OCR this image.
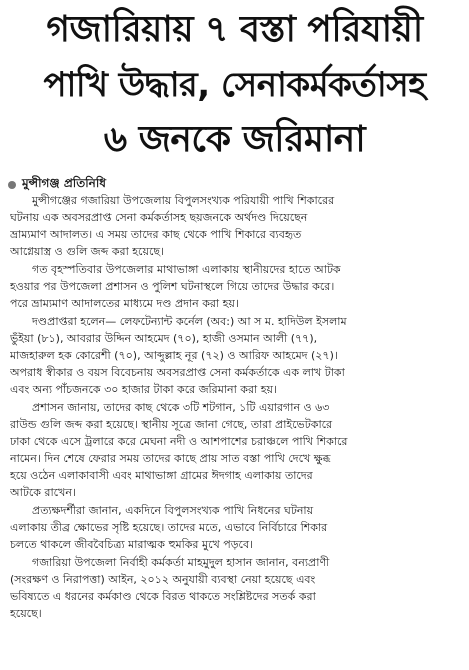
গজারিয়ায় ৭ বস্তা পরিযায়ী
পাখি উদ্ধার, সেনাকর্মকর্তাসহ
৬ জনকে জরিমানা
মুন্সীগঞ্জ প্রতিনিধি
মুন্সীগঞ্জের গজারিয়া উপজেলায় বিপুলসংখ্যক পরিযায়ী পাখি শিকারের
ঘটনায় এক অবসরপ্রাপ্ত সেনা কর্মকর্তাসহ ছয়জনকে অর্থদণ্ড দিয়েছেন
ভ্রাম্যমাণ আদালত। এ সময় তাদের কাছ থেকে পাখি শিকারে ব্যবহৃত
আগ্নেয়াস্ত্র ও গুলি জব্দ করা হয়েছে।
গত বৃহস্পতিবার উপজেলার মাথাভাঙ্গা এলাকায় স্থানীয়দের হাতে আটক
হওয়ার পর উপজেলা প্রশাসন ও পুলিশ ঘটনাস্থলে গিয়ে তাদের উদ্ধার করে।
পরে ভ্রাম্যমাণ আদালতের মাধ্যমে দণ্ড প্রদান করা হয়।
দণ্ডপ্রাপ্তরা হলেন— লেফটেন্যান্ট কর্নেল (অব:) আ স ম. হাদিউল ইসলাম
ভুঁইয়া (৮১), আবরার উদ্দিন আহমেদ (৭০), হাজী ওসমান আলী (৭৭),
মাজহারুল হক কোরেশী (৭০), আব্দুল্লাহ নূর (৭২) ও আরিফ আহমেদ (২৭)।
অপরাধ স্বীকার ও বয়স বিবেচনায় অবসরপ্রাপ্ত সেনা কর্মকর্তাকে এক লাখ টাকা
এবং অন্য পাঁচজনকে ৩০ হাজার টাকা করে জরিমানা করা হয়।
প্রশাসন জানায়, তাদের কাছ থেকে ৩টি শটগান, ১টি এয়ারগান ও ৬৩
রাউন্ড গুলি জব্দ করা হয়েছে। স্থানীয় সূত্রে জানা গেছে, তারা প্রাইভেটকারে
ঢাকা থেকে এসে ট্রলারে করে মেঘনা নদী ও আশপাশের চরাঞ্চলে পাখি শিকারে
নামেন। দিন শেষে ফেরার সময় তাদের কাছে প্রায় সাত বস্তা পাখি দেখে ক্ষুব্ধ
হয়ে ওঠেন এলাকাবাসী এবং মাথাভাঙ্গা গ্রামের ঈদগাহ এলাকায় তাদের
আটকে রাখেন।
প্রত্যক্ষদর্শীরা জানান, একদিনে বিপুলসংখ্যক পাখি নিধনের ঘটনায়
এলাকায় তীব্র ক্ষোভের সৃষ্টি হয়েছে। তাদের মতে, এভাবে নির্বিচারে শিকার
চলতে থাকলে জীববৈচিত্র্য মারাত্মক হুমকির মুখে পড়বে।
গজারিয়া উপজেলা নির্বাহী কর্মকর্তা মাহমুদুল হাসান জানান, বন্যপ্রাণী
(সংরক্ষণ ও নিরাপত্তা) আইন, ২০১২ অনুযায়ী ব্যবস্থা নেয়া হয়েছে এবং
ভবিষ্যতে এ ধরনের কর্মকাণ্ড থেকে বিরত থাকতে সংশ্লিষ্টদের সতর্ক করা
হয়েছে।
